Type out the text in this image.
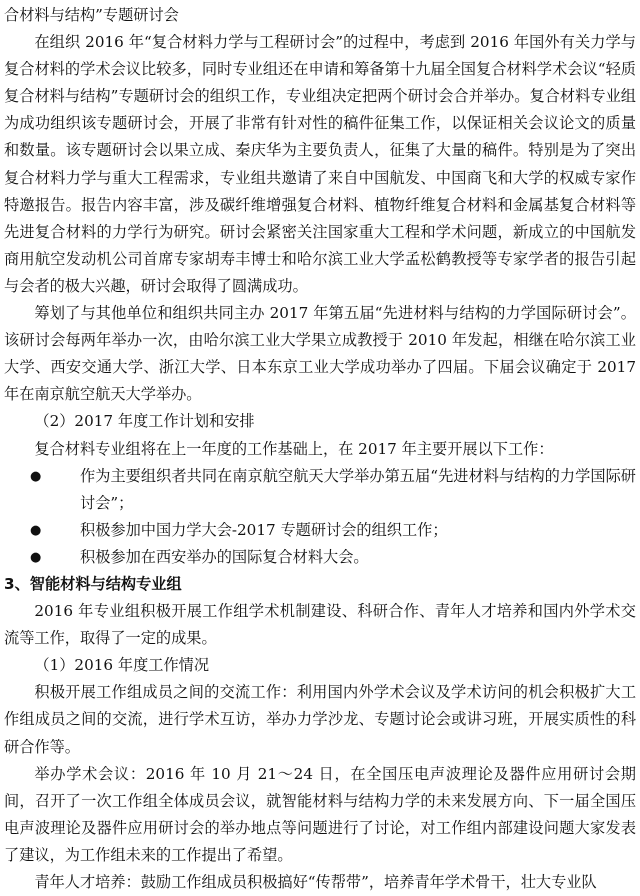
合材料与结构”专题研讨会

在组织 2016 年“复合材料力学与工程研讨会”的过程中，考虑到 2016 年国外有关力学与复合材料的学术会议比较多，同时专业组还在申请和筹备第十九届全国复合材料学术会议“轻质复合材料与结构”专题研讨会的组织工作，专业组决定把两个研讨会合并举办。复合材料专业组为成功组织该专题研讨会，开展了非常有针对性的稿件征集工作，以保证相关会议论文的质量和数量。该专题研讨会以果立成、秦庆华为主要负责人，征集了大量的稿件。特别是为了突出复合材料力学与重大工程需求，专业组共邀请了来自中国航发、中国商飞和大学的权威专家作特邀报告。报告内容丰富，涉及碳纤维增强复合材料、植物纤维复合材料和金属基复合材料等先进复合材料的力学行为研究。研讨会紧密关注国家重大工程和学术问题，新成立的中国航发商用航空发动机公司首席专家胡寿丰博士和哈尔滨工业大学孟松鹤教授等专家学者的报告引起与会者的极大兴趣，研讨会取得了圆满成功。

筹划了与其他单位和组织共同主办 2017 年第五届“先进材料与结构的力学国际研讨会”。该研讨会每两年举办一次，由哈尔滨工业大学果立成教授于 2010 年发起，相继在哈尔滨工业大学、西安交通大学、浙江大学、日本东京工业大学成功举办了四届。下届会议确定于 2017 年在南京航空航天大学举办。

（2）2017 年度工作计划和安排

复合材料专业组将在上一年度的工作基础上，在 2017 年主要开展以下工作：

●	作为主要组织者共同在南京航空航天大学举办第五届“先进材料与结构的力学国际研讨会”；
●	积极参加中国力学大会-2017 专题研讨会的组织工作；
●	积极参加在西安举办的国际复合材料大会。

3、智能材料与结构专业组

2016 年专业组积极开展工作组学术机制建设、科研合作、青年人才培养和国内外学术交流等工作，取得了一定的成果。

（1）2016 年度工作情况

积极开展工作组成员之间的交流工作：利用国内外学术会议及学术访问的机会积极扩大工作组成员之间的交流，进行学术互访，举办力学沙龙、专题讨论会或讲习班，开展实质性的科研合作等。

举办学术会议：2016 年 10 月 21～24 日，在全国压电声波理论及器件应用研讨会期间，召开了一次工作组全体成员会议，就智能材料与结构力学的未来发展方向、下一届全国压电声波理论及器件应用研讨会的举办地点等问题进行了讨论，对工作组内部建设问题大家发表了建议，为工作组未来的工作提出了希望。

青年人才培养：鼓励工作组成员积极搞好“传帮带”，培养青年学术骨干，壮大专业队
